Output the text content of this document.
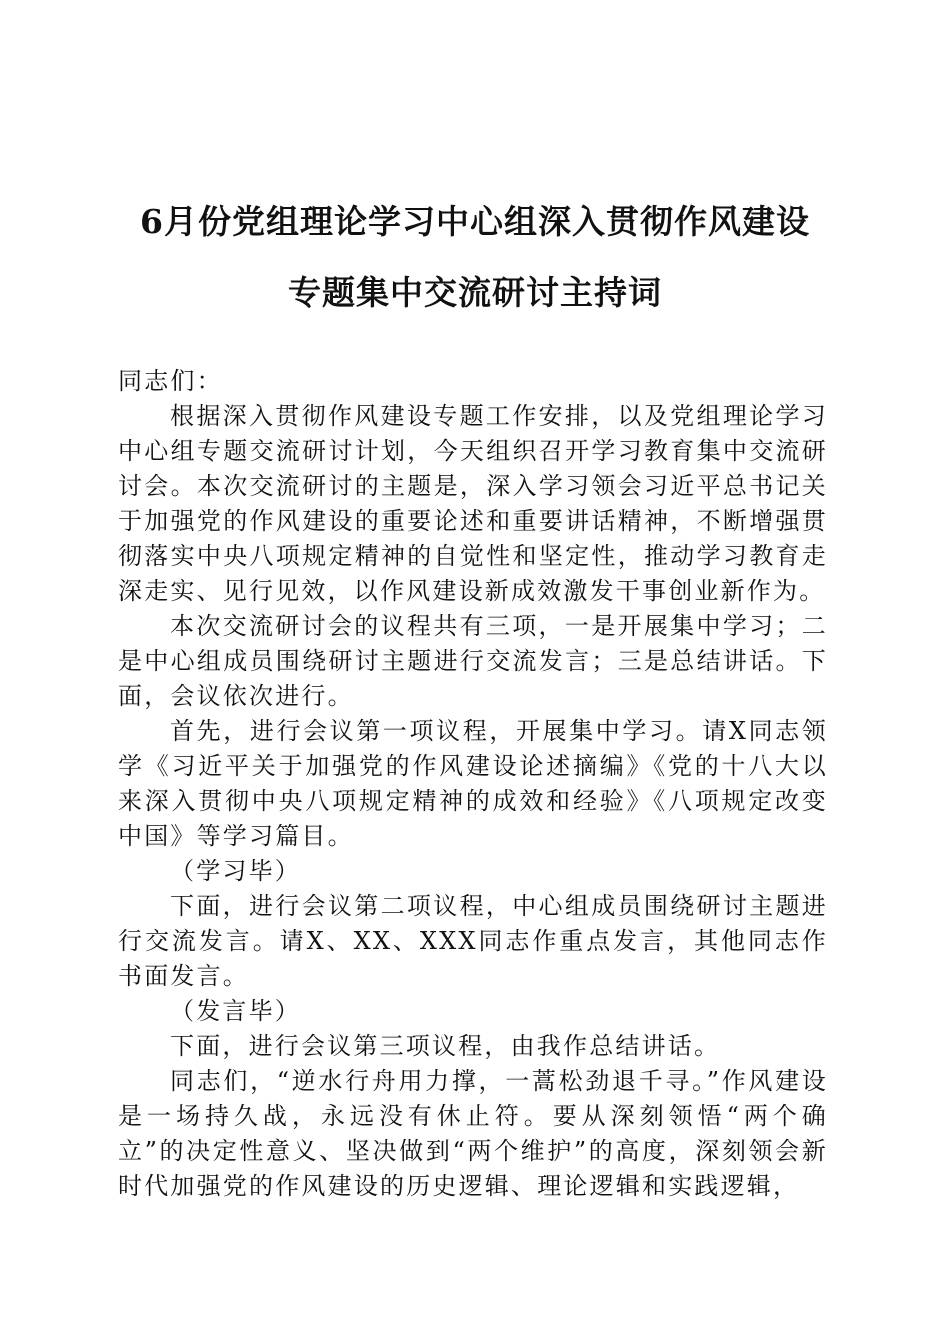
6月份党组理论学习中心组深入贯彻作风建设
专题集中交流研讨主持词

同志们：

根据深入贯彻作风建设专题工作安排，以及党组理论学习中心组专题交流研讨计划，今天组织召开学习教育集中交流研讨会。本次交流研讨的主题是，深入学习领会习近平总书记关于加强党的作风建设的重要论述和重要讲话精神，不断增强贯彻落实中央八项规定精神的自觉性和坚定性，推动学习教育走深走实、见行见效，以作风建设新成效激发干事创业新作为。

本次交流研讨会的议程共有三项，一是开展集中学习；二是中心组成员围绕研讨主题进行交流发言；三是总结讲话。下面，会议依次进行。

首先，进行会议第一项议程，开展集中学习。请X同志领学《习近平关于加强党的作风建设论述摘编》《党的十八大以来深入贯彻中央八项规定精神的成效和经验》《八项规定改变中国》等学习篇目。

（学习毕）

下面，进行会议第二项议程，中心组成员围绕研讨主题进行交流发言。请X、XX、XXX同志作重点发言，其他同志作书面发言。

（发言毕）

下面，进行会议第三项议程，由我作总结讲话。

同志们，“逆水行舟用力撑，一蒿松劲退千寻。”作风建设是一场持久战，永远没有休止符。要从深刻领悟“两个确立”的决定性意义、坚决做到“两个维护”的高度，深刻领会新时代加强党的作风建设的历史逻辑、理论逻辑和实践逻辑，
